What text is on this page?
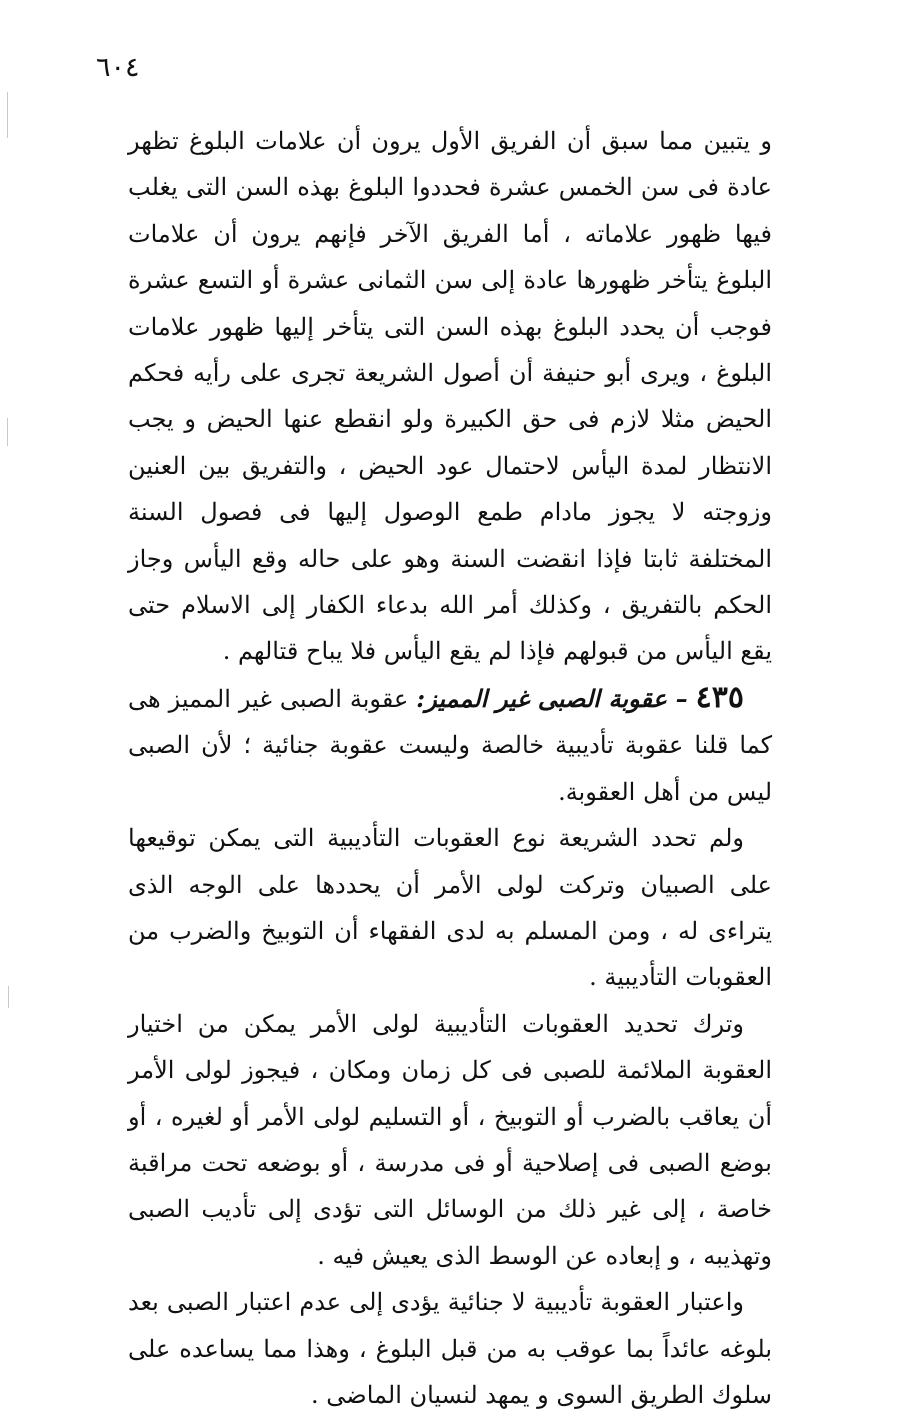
٦٠٤

و يتبين مما سبق أن الفريق الأول يرون أن علامات البلوغ تظهر عادة فى سن الخمس عشرة فحددوا البلوغ بهذه السن التى يغلب فيها ظهور علاماته ، أما الفريق الآخر فإنهم يرون أن علامات البلوغ يتأخر ظهورها عادة إلى سن الثمانى عشرة أو التسع عشرة فوجب أن يحدد البلوغ بهذه السن التى يتأخر إليها ظهور علامات البلوغ ، ويرى أبو حنيفة أن أصول الشريعة تجرى على رأيه فحكم الحيض مثلا لازم فى حق الكبيرة ولو انقطع عنها الحيض و يجب الانتظار لمدة اليأس لاحتمال عود الحيض ، والتفريق بين العنين وزوجته لا يجوز مادام طمع الوصول إليها فى فصول السنة المختلفة ثابتا فإذا انقضت السنة وهو على حاله وقع اليأس وجاز الحكم بالتفريق ، وكذلك أمر الله بدعاء الكفار إلى الاسلام حتى يقع اليأس من قبولهم فإذا لم يقع اليأس فلا يباح قتالهم .

٤٣٥ – عقوبة الصبى غير المميز: عقوبة الصبى غير المميز هى كما قلنا عقوبة تأديبية خالصة وليست عقوبة جنائية ؛ لأن الصبى ليس من أهل العقوبة.

ولم تحدد الشريعة نوع العقوبات التأديبية التى يمكن توقيعها على الصبيان وتركت لولى الأمر أن يحددها على الوجه الذى يتراءى له ، ومن المسلم به لدى الفقهاء أن التوبيخ والضرب من العقوبات التأديبية .

وترك تحديد العقوبات التأديبية لولى الأمر يمكن من اختيار العقوبة الملائمة للصبى فى كل زمان ومكان ، فيجوز لولى الأمر أن يعاقب بالضرب أو التوبيخ ، أو التسليم لولى الأمر أو لغيره ، أو بوضع الصبى فى إصلاحية أو فى مدرسة ، أو بوضعه تحت مراقبة خاصة ، إلى غير ذلك من الوسائل التى تؤدى إلى تأديب الصبى وتهذيبه ، و إبعاده عن الوسط الذى يعيش فيه .

واعتبار العقوبة تأديبية لا جنائية يؤدى إلى عدم اعتبار الصبى بعد بلوغه عائداً بما عوقب به من قبل البلوغ ، وهذا مما يساعده على سلوك الطريق السوى و يمهد لنسيان الماضى .
